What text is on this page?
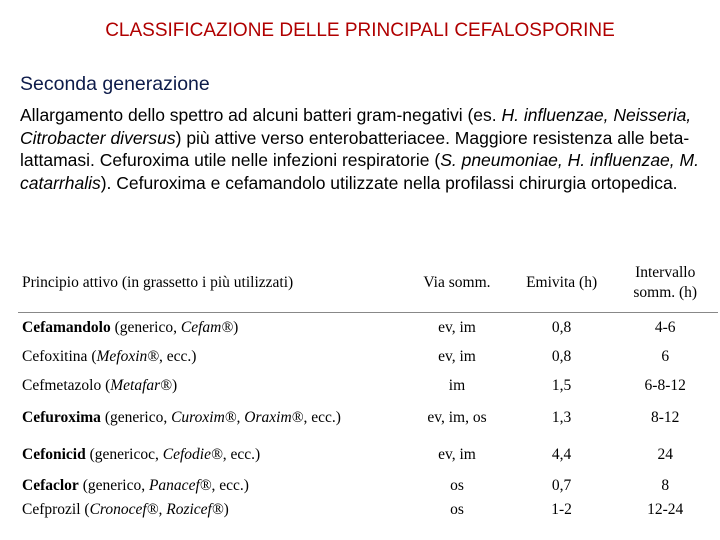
CLASSIFICAZIONE DELLE PRINCIPALI CEFALOSPORINE
Seconda generazione
Allargamento dello spettro ad alcuni batteri gram-negativi (es. H. influenzae, Neisseria, Citrobacter diversus) più attive verso enterobatteriacee. Maggiore resistenza alle beta-lattamasi. Cefuroxima utile nelle infezioni respiratorie (S. pneumoniae, H. influenzae, M. catarrhalis). Cefuroxima e cefamandolo utilizzate nella profilassi chirurgia ortopedica.
Principio attivo (in grassetto i più utilizzati)	Via somm.	Emivita (h)	Intervallo
somm. (h)
Cefamandolo (generico, Cefam®)	ev, im	0,8	4-6
Cefoxitina (Mefoxin®, ecc.)	ev, im	0,8	6
Cefmetazolo (Metafar®)	im	1,5	6-8-12
Cefuroxima (generico, Curoxim®, Oraxim®, ecc.)	ev, im, os	1,3	8-12
Cefonicid (genericoc, Cefodie®, ecc.)	ev, im	4,4	24
Cefaclor (generico, Panacef®, ecc.)	os	0,7	8
Cefprozil (Cronocef®, Rozicef®)	os	1-2	12-24
